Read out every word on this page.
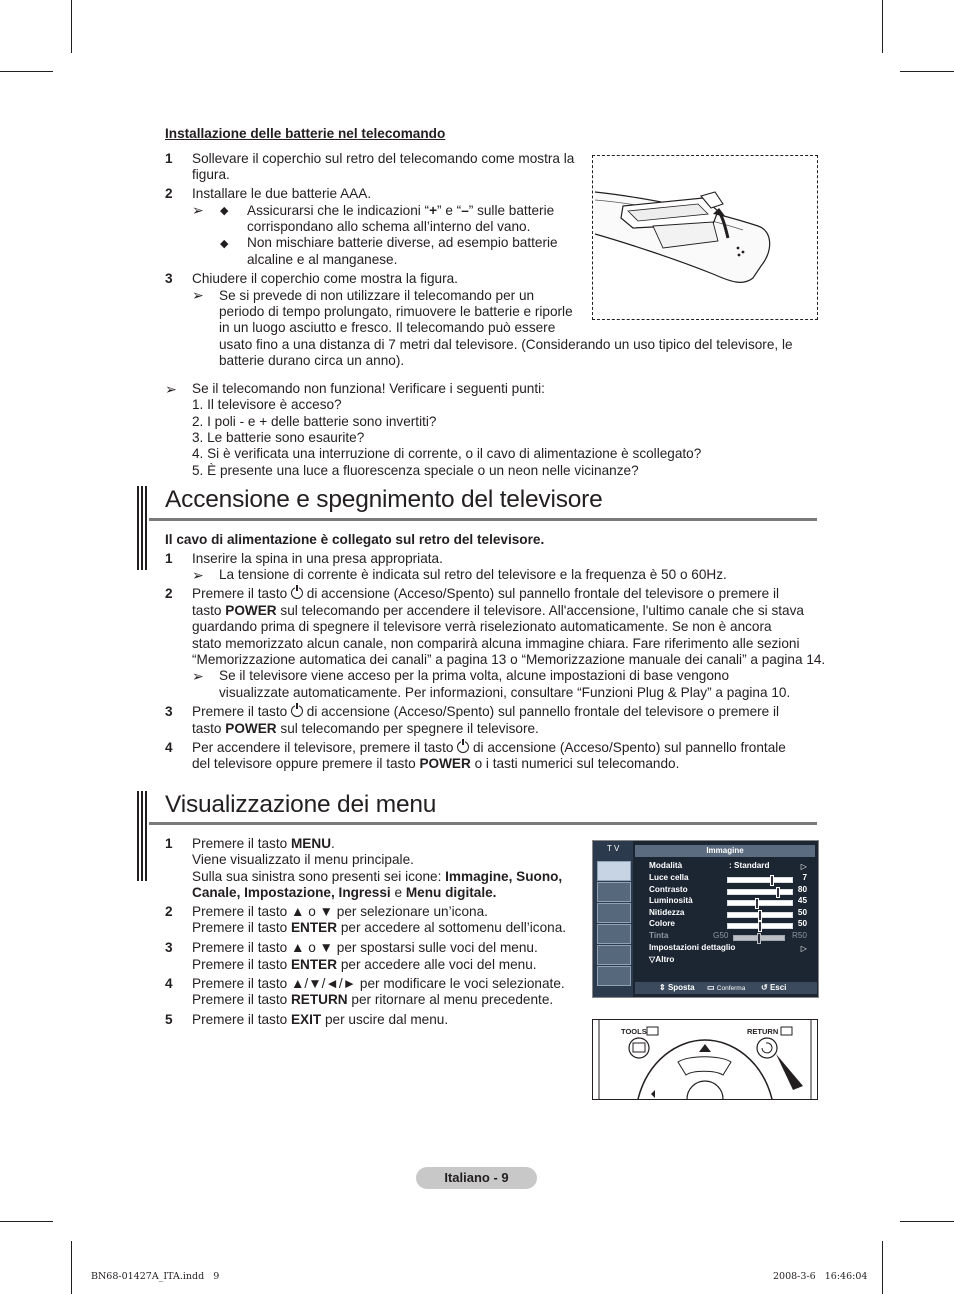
Installazione delle batterie nel telecomando
1 Sollevare il coperchio sul retro del telecomando come mostra la
figura.
2 Installare le due batterie AAA.
➢ ◆ Assicurarsi che le indicazioni “+” e “–” sulle batterie
corrispondano allo schema all’interno del vano.
◆ Non mischiare batterie diverse, ad esempio batterie
alcaline e al manganese.
3 Chiudere il coperchio come mostra la figura.
➢ Se si prevede di non utilizzare il telecomando per un
periodo di tempo prolungato, rimuovere le batterie e riporle
in un luogo asciutto e fresco. Il telecomando può essere
usato fino a una distanza di 7 metri dal televisore. (Considerando un uso tipico del televisore, le
batterie durano circa un anno).
➢ Se il telecomando non funziona! Verificare i seguenti punti:
1. Il televisore è acceso?
2. I poli - e + delle batterie sono invertiti?
3. Le batterie sono esaurite?
4. Si è verificata una interruzione di corrente, o il cavo di alimentazione è scollegato?
5. È presente una luce a fluorescenza speciale o un neon nelle vicinanze?
Accensione e spegnimento del televisore
Il cavo di alimentazione è collegato sul retro del televisore.
1 Inserire la spina in una presa appropriata.
➢ La tensione di corrente è indicata sul retro del televisore e la frequenza è 50 o 60Hz.
2 Premere il tasto di accensione (Acceso/Spento) sul pannello frontale del televisore o premere il
tasto POWER sul telecomando per accendere il televisore. All'accensione, l'ultimo canale che si stava
guardando prima di spegnere il televisore verrà riselezionato automaticamente. Se non è ancora
stato memorizzato alcun canale, non comparirà alcuna immagine chiara. Fare riferimento alle sezioni
“Memorizzazione automatica dei canali” a pagina 13 o “Memorizzazione manuale dei canali” a pagina 14.
➢ Se il televisore viene acceso per la prima volta, alcune impostazioni di base vengono
visualizzate automaticamente. Per informazioni, consultare “Funzioni Plug & Play” a pagina 10.
3 Premere il tasto di accensione (Acceso/Spento) sul pannello frontale del televisore o premere il
tasto POWER sul telecomando per spegnere il televisore.
4 Per accendere il televisore, premere il tasto di accensione (Acceso/Spento) sul pannello frontale
del televisore oppure premere il tasto POWER o i tasti numerici sul telecomando.
Visualizzazione dei menu
1 Premere il tasto MENU.
Viene visualizzato il menu principale.
Sulla sua sinistra sono presenti sei icone: Immagine, Suono,
Canale, Impostazione, Ingressi e Menu digitale.
2 Premere il tasto ▲ o ▼ per selezionare un’icona.
Premere il tasto ENTER per accedere al sottomenu dell’icona.
3 Premere il tasto ▲ o ▼ per spostarsi sulle voci del menu.
Premere il tasto ENTER per accedere alle voci del menu.
4 Premere il tasto ▲/▼/◄/► per modificare le voci selezionate.
Premere il tasto RETURN per ritornare al menu precedente.
5 Premere il tasto EXIT per uscire dal menu.
T V	Immagine
Modalità	: Standard	▷
Luce cella	7
Contrasto	80
Luminosità	45
Nitidezza	50
Colore	50
Tinta	G50	R50
Impostazioni dettaglio	▷
▽Altro
⇕ Sposta ▭ Conferma ↺ Esci
TOOLS	RETURN
Italiano - 9
BN68-01427A_ITA.indd   9	2008-3-6   16:46:04
